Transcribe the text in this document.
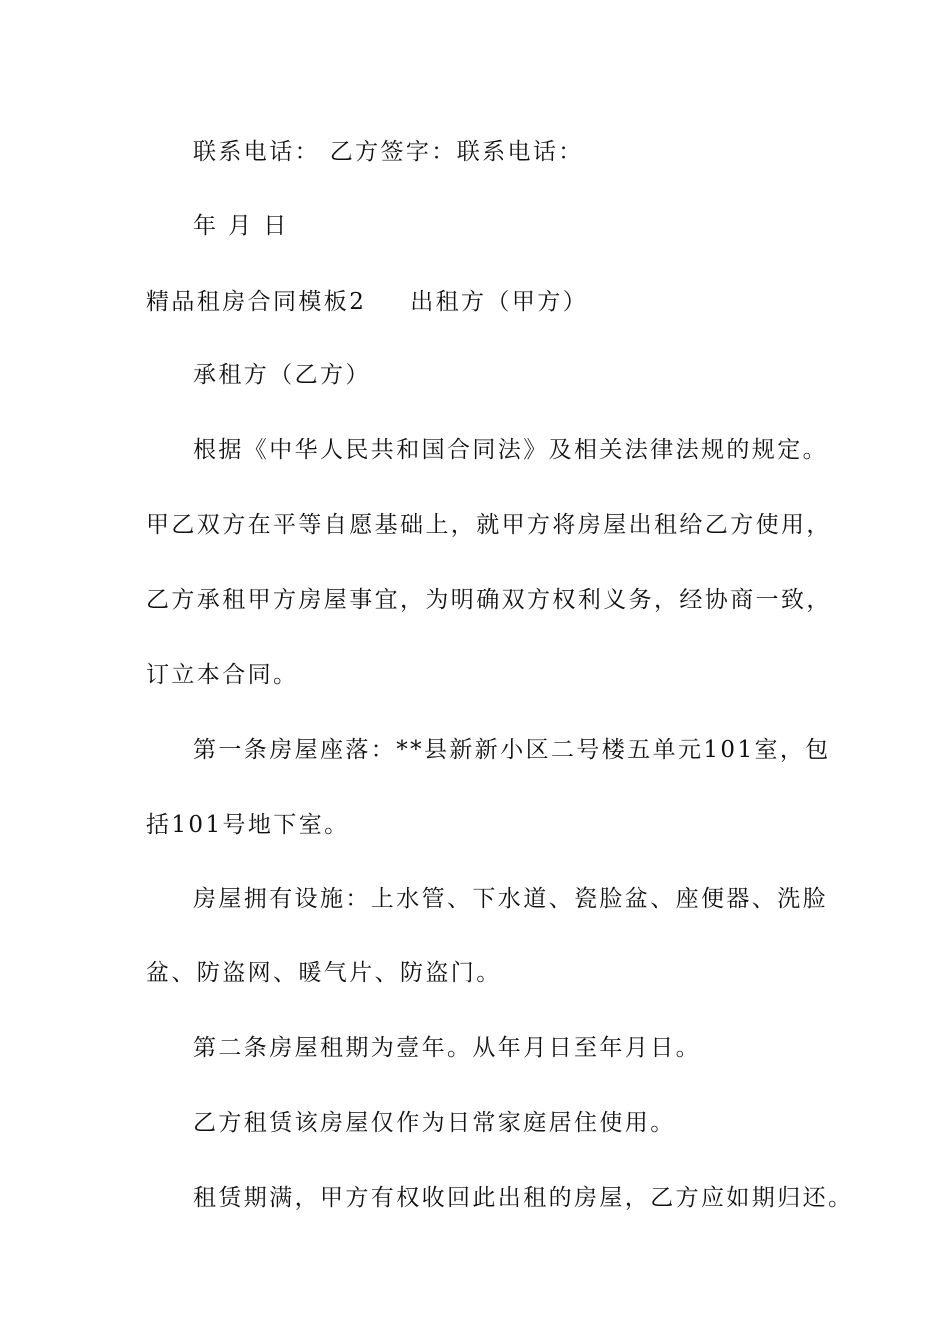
联系电话： 乙方签字：联系电话：
年 月 日
精品租房合同模板2 出租方（甲方）
承租方（乙方）
根据《中华人民共和国合同法》及相关法律法规的规定。
甲乙双方在平等自愿基础上，就甲方将房屋出租给乙方使用，
乙方承租甲方房屋事宜，为明确双方权利义务，经协商一致，
订立本合同。
第一条房屋座落：**县新新小区二号楼五单元101室，包
括101号地下室。
房屋拥有设施：上水管、下水道、瓷脸盆、座便器、洗脸
盆、防盗网、暖气片、防盗门。
第二条房屋租期为壹年。从年月日至年月日。
乙方租赁该房屋仅作为日常家庭居住使用。
租赁期满，甲方有权收回此出租的房屋，乙方应如期归还。
